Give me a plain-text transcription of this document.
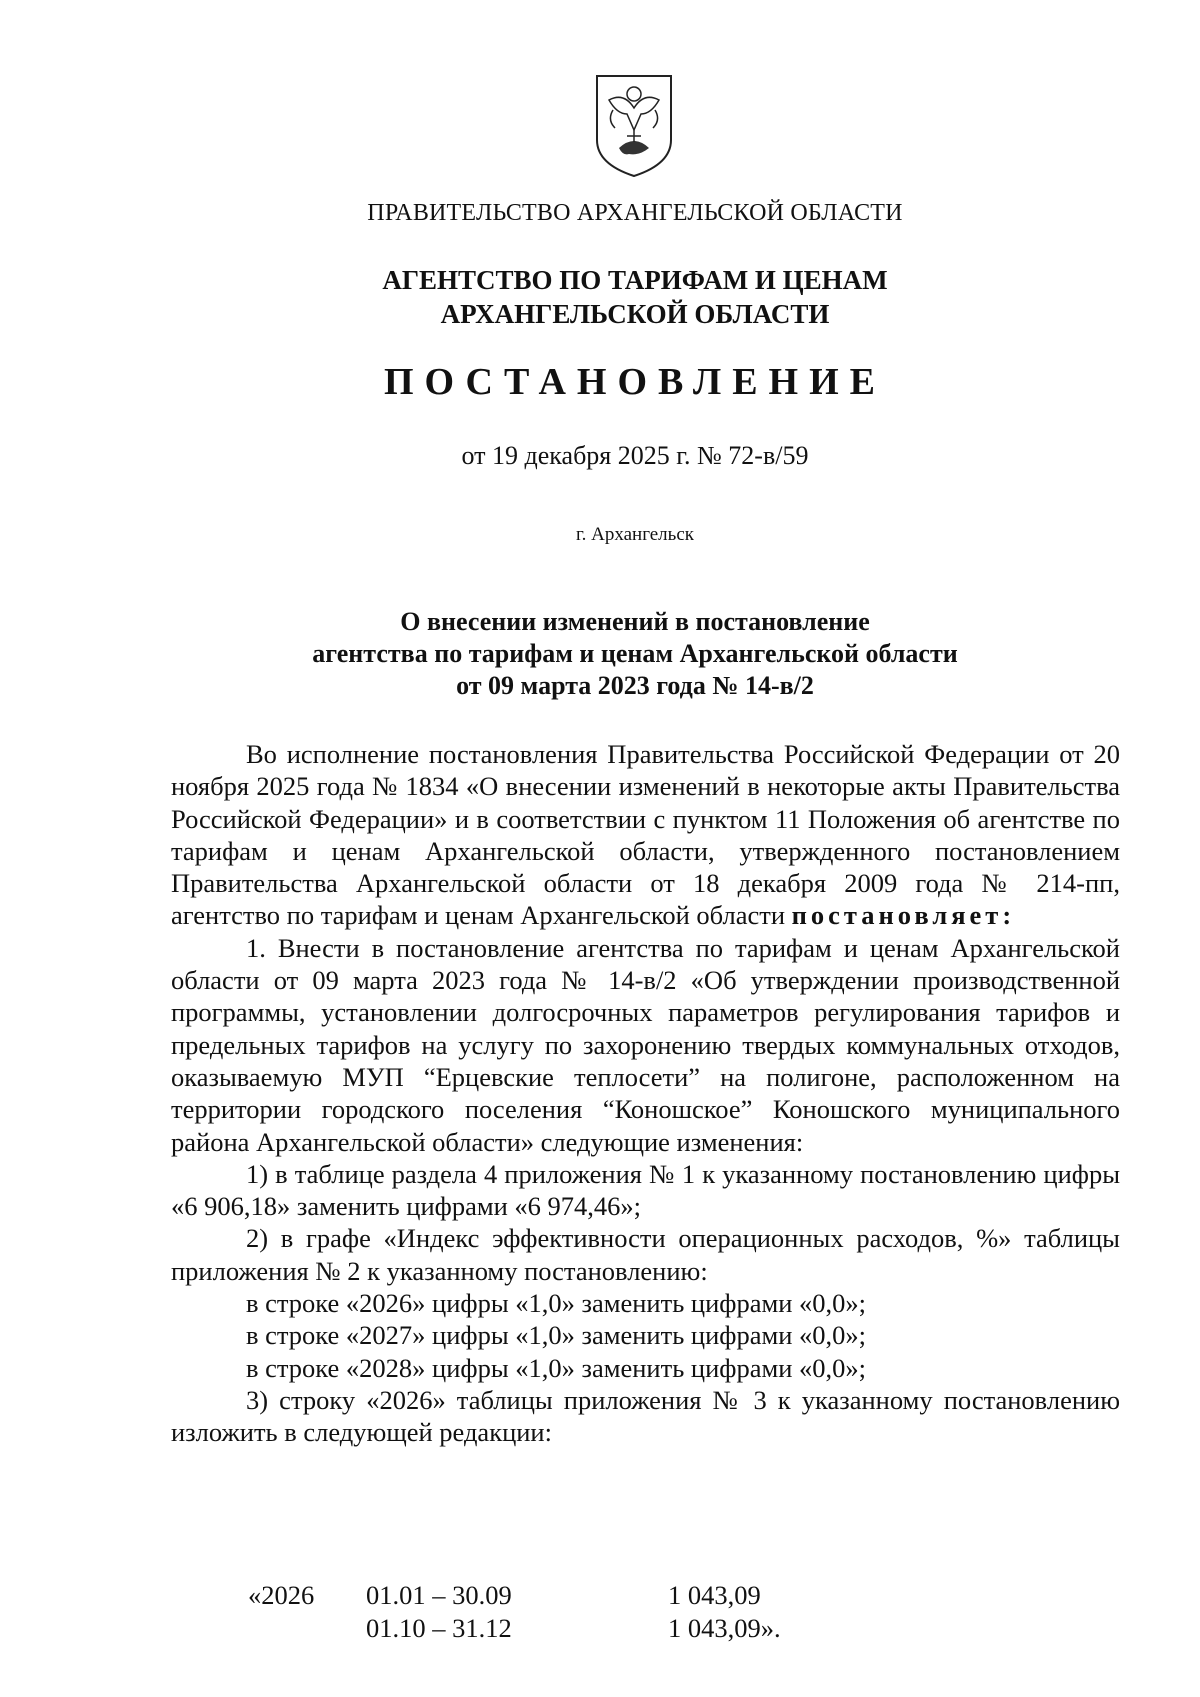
ПРАВИТЕЛЬСТВО АРХАНГЕЛЬСКОЙ ОБЛАСТИ
АГЕНТСТВО ПО ТАРИФАМ И ЦЕНАМ
АРХАНГЕЛЬСКОЙ ОБЛАСТИ
ПОСТАНОВЛЕНИЕ
от 19 декабря 2025 г. № 72-в/59
г. Архангельск
О внесении изменений в постановление
агентства по тарифам и ценам Архангельской области
от 09 марта 2023 года № 14-в/2

Во исполнение постановления Правительства Российской Федерации от 20 ноября 2025 года № 1834 «О внесении изменений в некоторые акты Правительства Российской Федерации» и в соответствии с пунктом 11 Положения об агентстве по тарифам и ценам Архангельской области, утвержденного постановлением Правительства Архангельской области от 18 декабря 2009 года № 214-пп, агентство по тарифам и ценам Архангельской области постановляет:

1. Внести в постановление агентства по тарифам и ценам Архангельской области от 09 марта 2023 года № 14-в/2 «Об утверждении производственной программы, установлении долгосрочных параметров регулирования тарифов и предельных тарифов на услугу по захоронению твердых коммунальных отходов, оказываемую МУП “Ерцевские теплосети” на полигоне, расположенном на территории городского поселения “Коношское” Коношского муниципального района Архангельской области» следующие изменения:

1) в таблице раздела 4 приложения № 1 к указанному постановлению цифры «6 906,18» заменить цифрами «6 974,46»;

2) в графе «Индекс эффективности операционных расходов, %» таблицы приложения № 2 к указанному постановлению:

в строке «2026» цифры «1,0» заменить цифрами «0,0»;

в строке «2027» цифры «1,0» заменить цифрами «0,0»;

в строке «2028» цифры «1,0» заменить цифрами «0,0»;

3) строку «2026» таблицы приложения № 3 к указанному постановлению изложить в следующей редакции:

«2026 01.01 – 30.09	1 043,09
01.10 – 31.12	1 043,09».
